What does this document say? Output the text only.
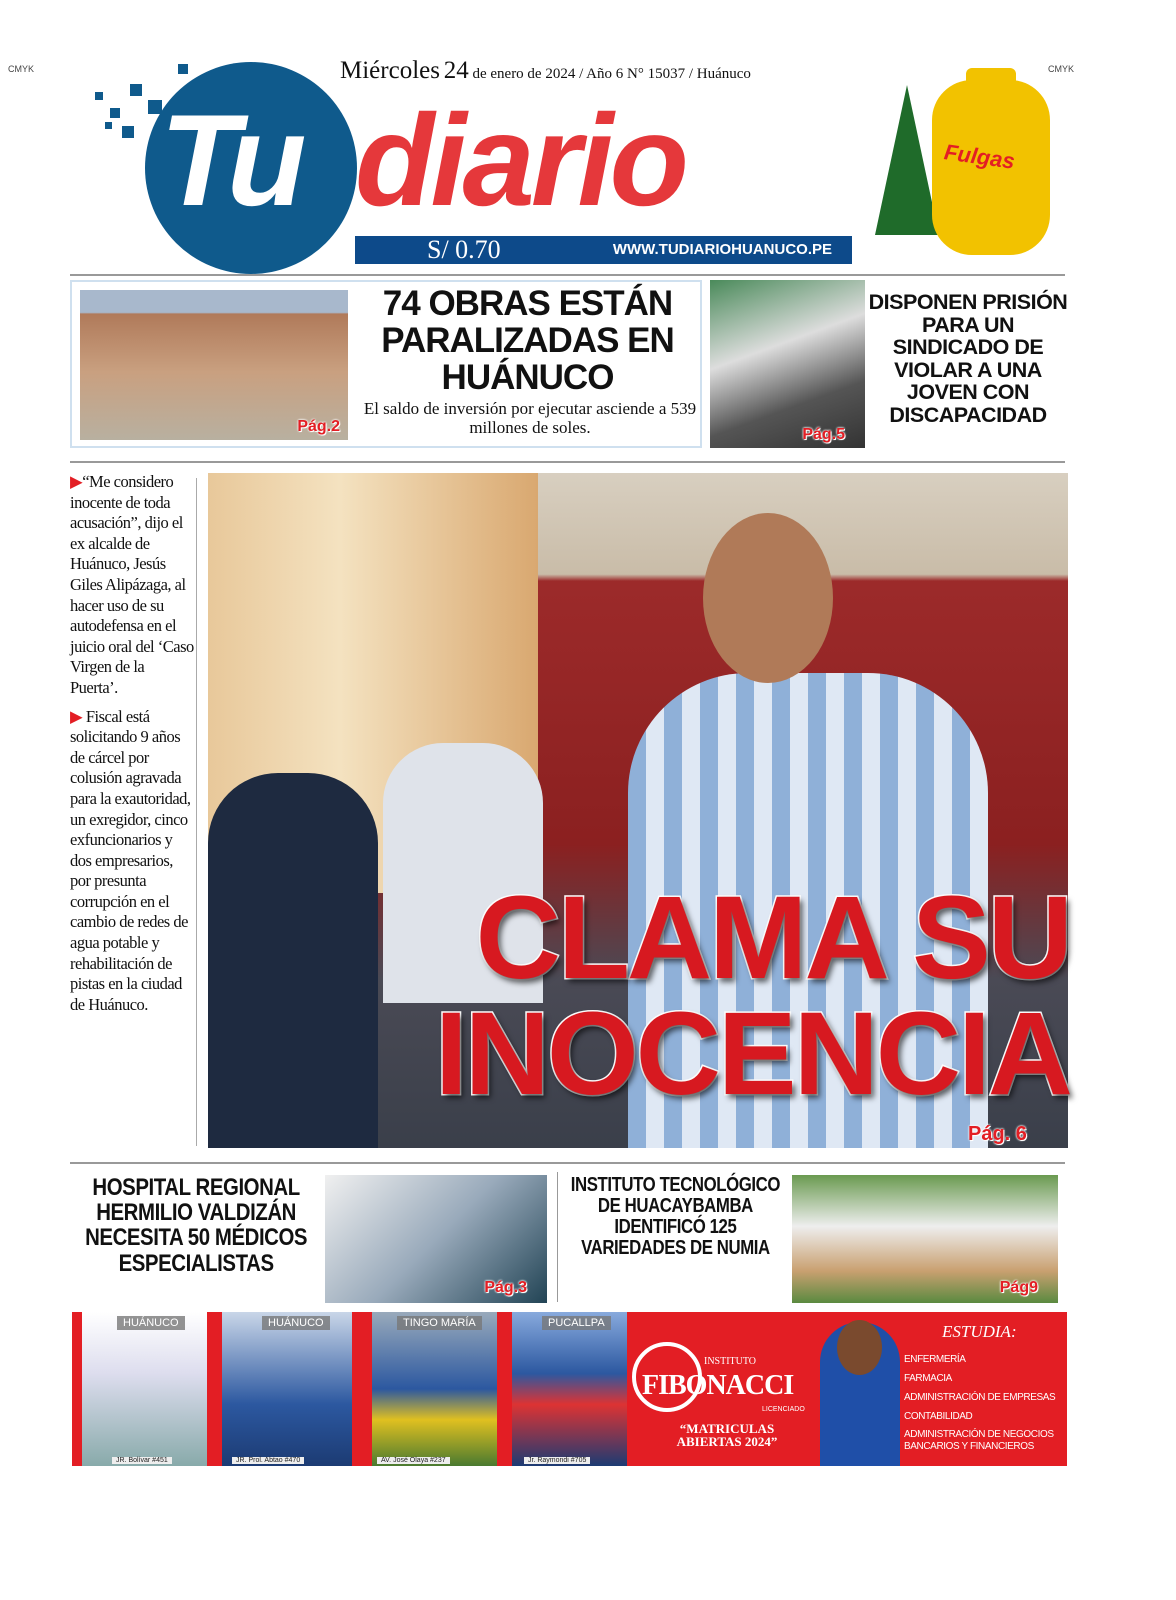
CMYK	CMYK
Miércoles 24 de enero de 2024 / Año 6 N° 15037 / Huánuco
Tu diario
S/ 0.70	WWW.TUDIARIOHUANUCO.PE
Fulgas
Pág.2
74 OBRAS ESTÁN PARALIZADAS EN HUÁNUCO
El saldo de inversión por ejecutar asciende a 539 millones de soles.	Pág.5
DISPONEN PRISIÓN PARA UN SINDICADO DE VIOLAR A UNA JOVEN CON DISCAPACIDAD

▶“Me considero inocente de toda acusación”, dijo el ex alcalde de Huánuco, Jesús Giles Alipázaga, al hacer uso de su autodefensa en el juicio oral del ‘Caso Virgen de la Puerta’.

▶ Fiscal está solicitando 9 años de cárcel por colusión agravada para la exautoridad, un exregidor, cinco exfuncionarios y dos empresarios, por presunta corrupción en el cambio de redes de agua potable y rehabilitación de pistas en la ciudad de Huánuco.

Pág. 6
CLAMA SU
INOCENCIA
HOSPITAL REGIONAL HERMILIO VALDIZÁN NECESITA 50 MÉDICOS ESPECIALISTAS
Pág.3
INSTITUTO TECNOLÓGICO DE HUACAYBAMBA IDENTIFICÓ 125 VARIEDADES DE NUMIA
Pág9
HUÁNUCO
JR. Bolívar #451
HUÁNUCO
JR. Prol. Abtao #470
TINGO MARÍA
AV. José Olaya #237
PUCALLPA
Jr. Raymondi #705
INSTITUTO
FIBONACCI
LICENCIADO
“MATRICULAS ABIERTAS 2024”
ESTUDIA:
ENFERMERÍA
FARMACIA
ADMINISTRACIÓN DE EMPRESAS
CONTABILIDAD
ADMINISTRACIÓN DE NEGOCIOS BANCARIOS Y FINANCIEROS
